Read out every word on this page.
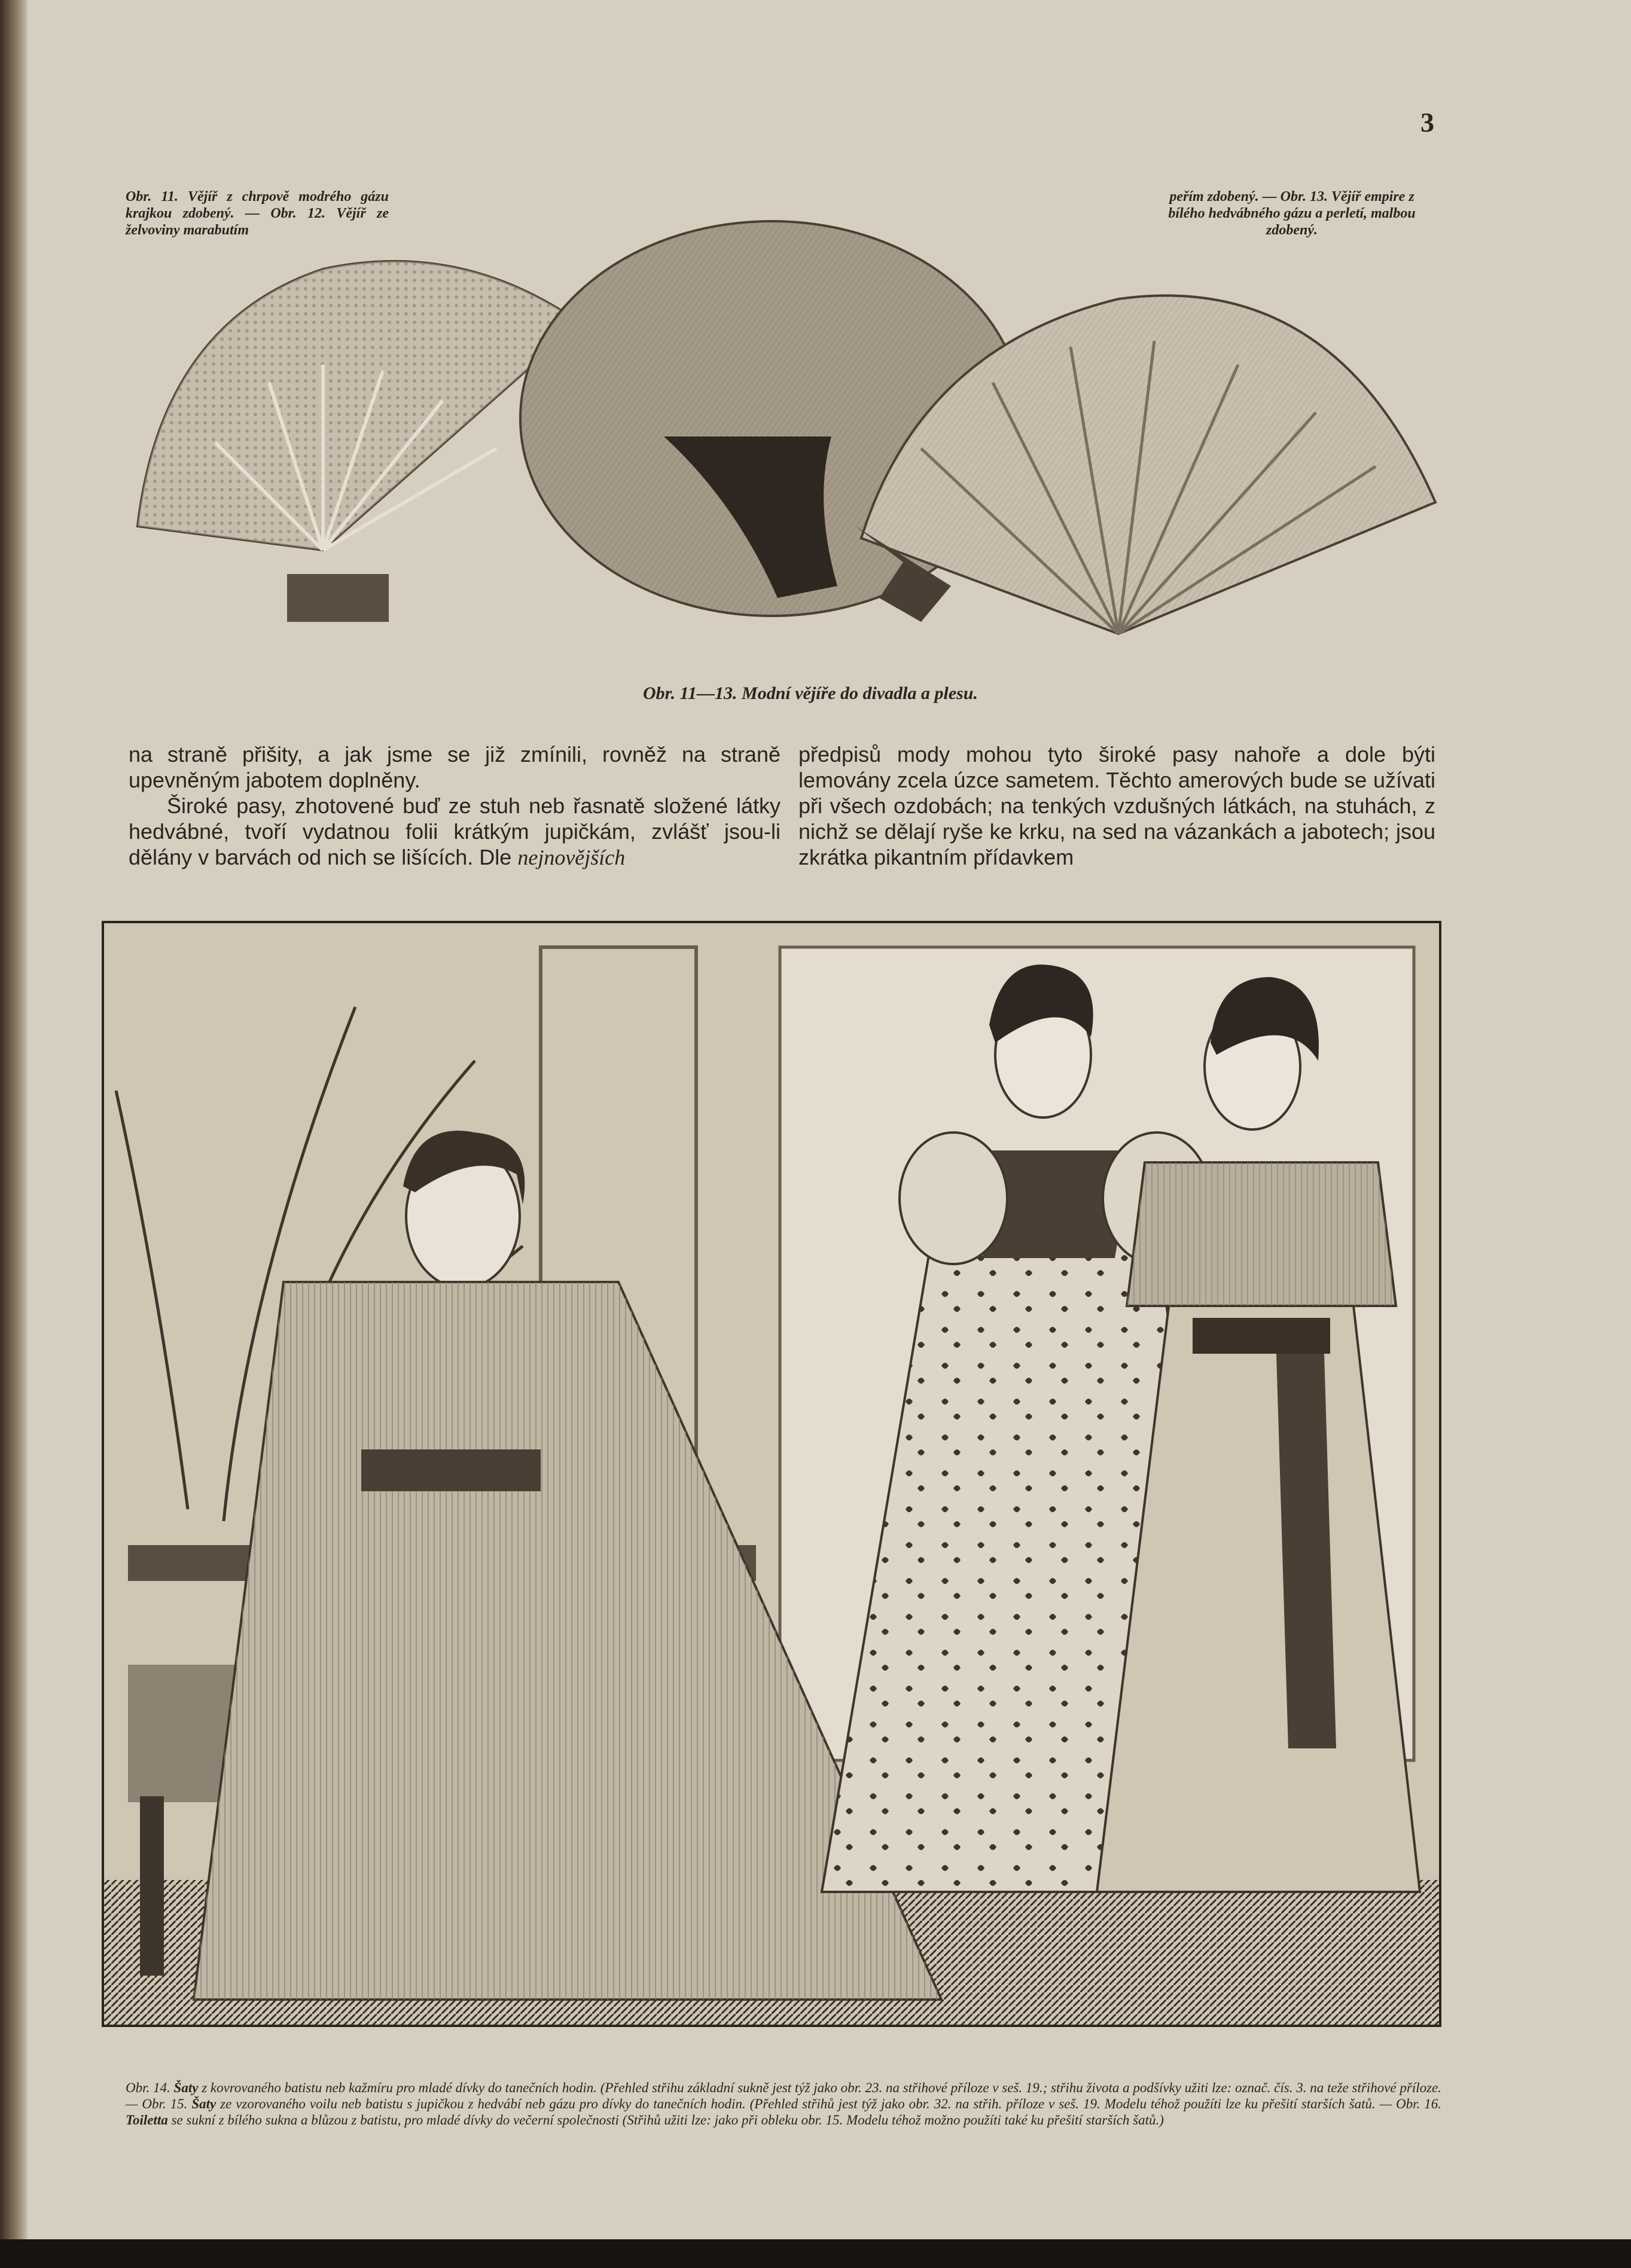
3
Obr. 11. Vějíř z chrpově modrého gázu krajkou zdobený. — Obr. 12. Vějíř ze želvoviny marabutím
peřím zdobený. — Obr. 13. Vějíř empire z bílého hedvábného gázu a perletí, malbou zdobený.
Obr. 11—13. Modní vějíře do divadla a plesu.

na straně přišity, a jak jsme se již zmínili, rovněž na straně upevněným jabotem doplněny.

Široké pasy, zhotovené buď ze stuh neb řasnatě složené látky hedvábné, tvoří vydatnou folii krátkým jupičkám, zvlášť jsou-li dělány v barvách od nich se lišících. Dle nejnovějších

předpisů mody mohou tyto široké pasy nahoře a dole býti lemovány zcela úzce sametem. Těchto amerových bude se užívati při všech ozdobách; na tenkých vzdušných látkách, na stuhách, z nichž se dělají ryše ke krku, na sed na vázankách a jabotech; jsou zkrátka pikantním přídavkem

Obr. 14. Šaty z kovrovaného batistu neb kažmíru pro mladé dívky do tanečních hodin. (Přehled střihu základní sukně jest týž jako obr. 23. na střihové příloze v seš. 19.; střihu života a podšívky užiti lze: označ. čís. 3. na teže střihové příloze. — Obr. 15. Šaty ze vzorovaného voilu neb batistu s jupičkou z hedvábí neb gázu pro dívky do tanečních hodin. (Přehled střihů jest týž jako obr. 32. na střih. příloze v seš. 19. Modelu téhož použíti lze ku přešití starších šatů. — Obr. 16. Toiletta se sukní z bílého sukna a blůzou z batistu, pro mladé dívky do večerní společnosti (Střihů užiti lze: jako při obleku obr. 15. Modelu téhož možno použíti také ku přešití starších šatů.)
